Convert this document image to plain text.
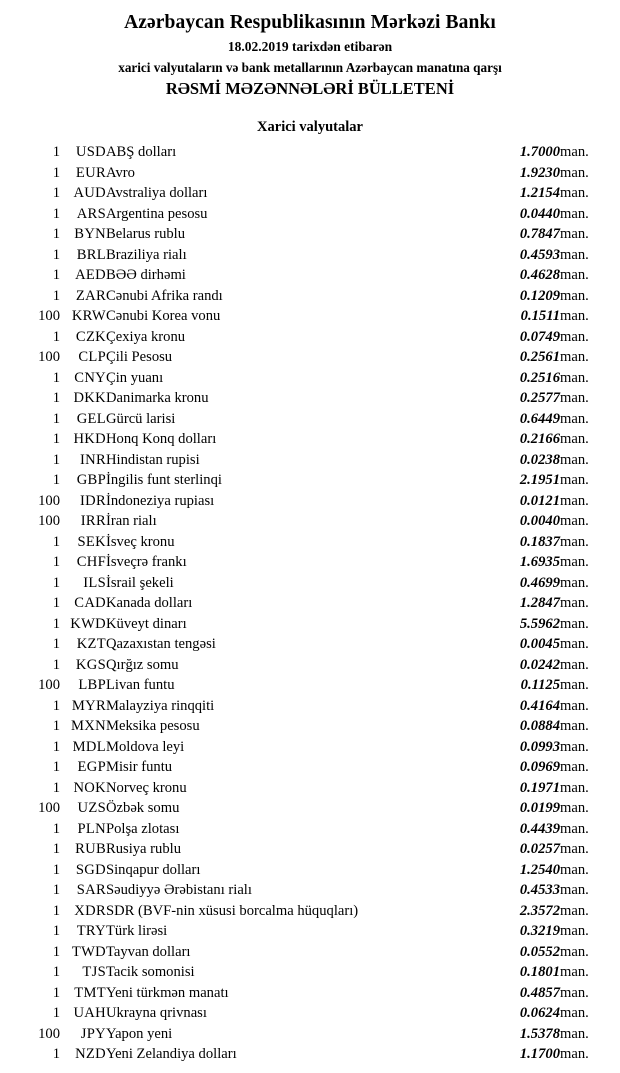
Azərbaycan Respublikasının Mərkəzi Bankı
18.02.2019 tarixdən etibarən
xarici valyutaların və bank metallarının Azərbaycan manatına qarşı
RƏSMİ MƏZƏNNƏLƏRİ BÜLLETENİ
Xarici valyutalar
1	USD	ABŞ dolları	1.7000	man.
1	EUR	Avro	1.9230	man.
1	AUD	Avstraliya dolları	1.2154	man.
1	ARS	Argentina pesosu	0.0440	man.
1	BYN	Belarus rublu	0.7847	man.
1	BRL	Braziliya rialı	0.4593	man.
1	AED	BƏƏ dirhəmi	0.4628	man.
1	ZAR	Cənubi Afrika randı	0.1209	man.
100	KRW	Cənubi Korea vonu	0.1511	man.
1	CZK	Çexiya kronu	0.0749	man.
100	CLP	Çili Pesosu	0.2561	man.
1	CNY	Çin yuanı	0.2516	man.
1	DKK	Danimarka kronu	0.2577	man.
1	GEL	Gürcü larisi	0.6449	man.
1	HKD	Honq Konq dolları	0.2166	man.
1	INR	Hindistan rupisi	0.0238	man.
1	GBP	İngilis funt sterlinqi	2.1951	man.
100	IDR	İndoneziya rupiası	0.0121	man.
100	IRR	İran rialı	0.0040	man.
1	SEK	İsveç kronu	0.1837	man.
1	CHF	İsveçrə frankı	1.6935	man.
1	ILS	İsrail şekeli	0.4699	man.
1	CAD	Kanada dolları	1.2847	man.
1	KWD	Küveyt dinarı	5.5962	man.
1	KZT	Qazaxıstan tengəsi	0.0045	man.
1	KGS	Qırğız somu	0.0242	man.
100	LBP	Livan funtu	0.1125	man.
1	MYR	Malayziya rinqqiti	0.4164	man.
1	MXN	Meksika pesosu	0.0884	man.
1	MDL	Moldova leyi	0.0993	man.
1	EGP	Misir funtu	0.0969	man.
1	NOK	Norveç kronu	0.1971	man.
100	UZS	Özbək somu	0.0199	man.
1	PLN	Polşa zlotası	0.4439	man.
1	RUB	Rusiya rublu	0.0257	man.
1	SGD	Sinqapur dolları	1.2540	man.
1	SAR	Səudiyyə Ərəbistanı rialı	0.4533	man.
1	XDR	SDR (BVF-nin xüsusi borcalma hüquqları)	2.3572	man.
1	TRY	Türk lirəsi	0.3219	man.
1	TWD	Tayvan dolları	0.0552	man.
1	TJS	Tacik somonisi	0.1801	man.
1	TMT	Yeni türkmən manatı	0.4857	man.
1	UAH	Ukrayna qrivnası	0.0624	man.
100	JPY	Yapon yeni	1.5378	man.
1	NZD	Yeni Zelandiya dolları	1.1700	man.
